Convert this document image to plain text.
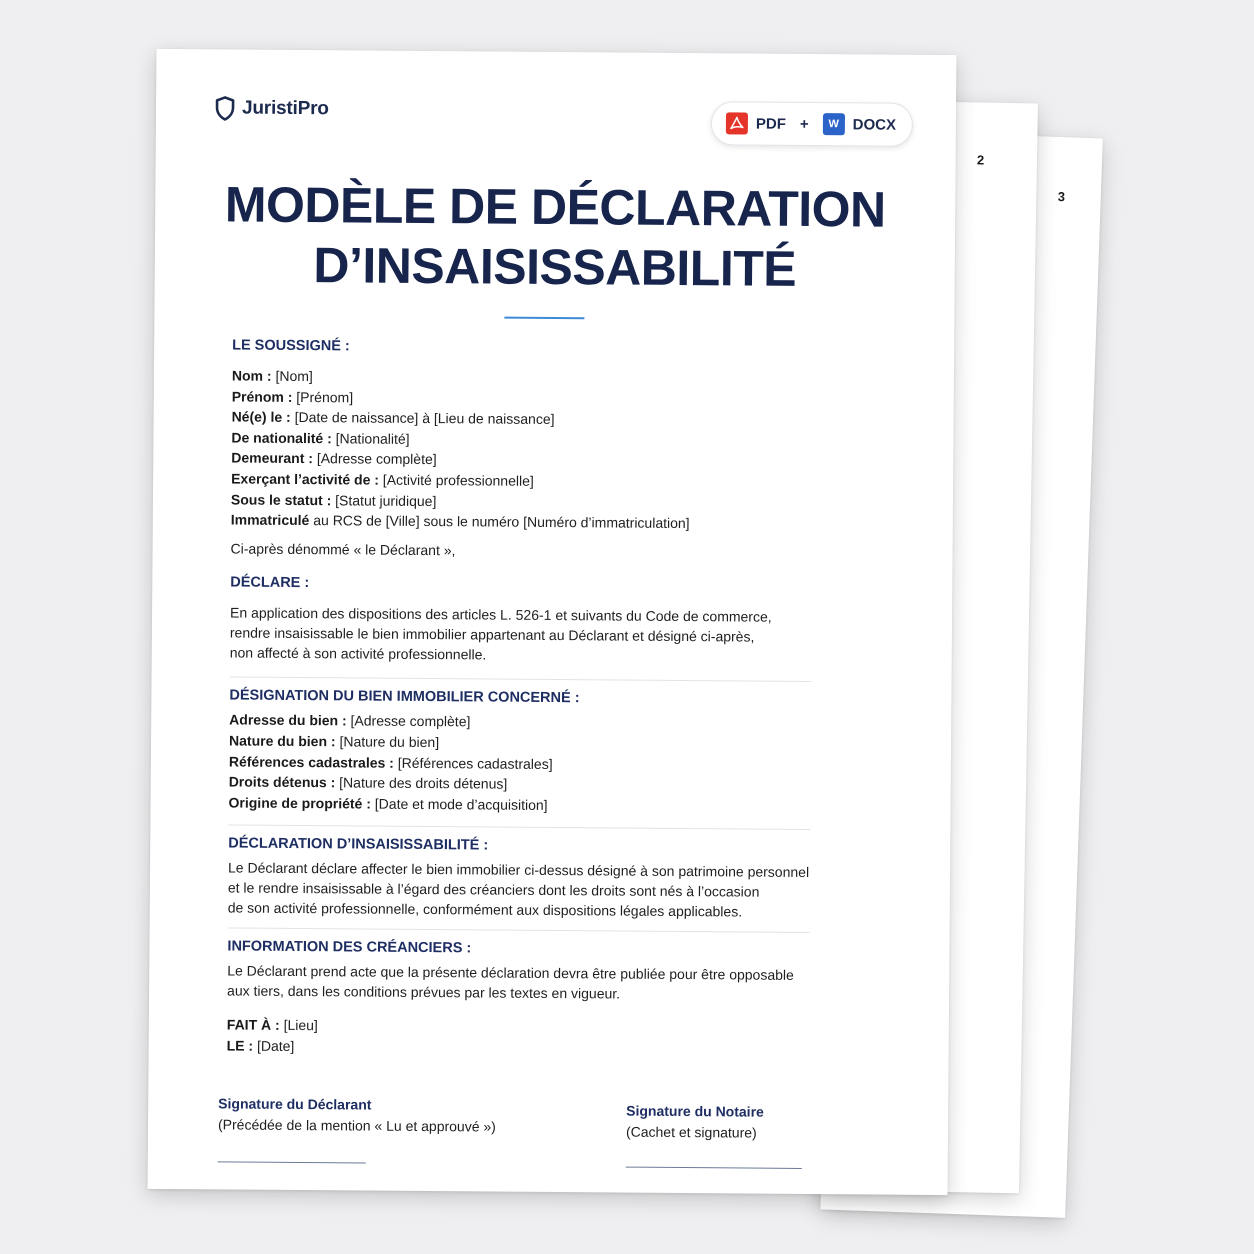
3
2
JuristiPro
PDF +	W DOCX
MODÈLE DE DÉCLARATION
D’INSAISISSABILITÉ
LE SOUSSIGNÉ :
Nom : [Nom]
Prénom : [Prénom]
Né(e) le : [Date de naissance] à [Lieu de naissance]
De nationalité : [Nationalité]
Demeurant : [Adresse complète]
Exerçant l’activité de : [Activité professionnelle]
Sous le statut : [Statut juridique]
Immatriculé au RCS de [Ville] sous le numéro [Numéro d’immatriculation]
Ci-après dénommé « le Déclarant »,
DÉCLARE :
En application des dispositions des articles L. 526-1 et suivants du Code de commerce,
rendre insaisissable le bien immobilier appartenant au Déclarant et désigné ci-après,
non affecté à son activité professionnelle.
DÉSIGNATION DU BIEN IMMOBILIER CONCERNÉ :
Adresse du bien : [Adresse complète]
Nature du bien : [Nature du bien]
Références cadastrales : [Références cadastrales]
Droits détenus : [Nature des droits détenus]
Origine de propriété : [Date et mode d’acquisition]
DÉCLARATION D’INSAISISSABILITÉ :
Le Déclarant déclare affecter le bien immobilier ci-dessus désigné à son patrimoine personnel
et le rendre insaisissable à l’égard des créanciers dont les droits sont nés à l’occasion
de son activité professionnelle, conformément aux dispositions légales applicables.
INFORMATION DES CRÉANCIERS :
Le Déclarant prend acte que la présente déclaration devra être publiée pour être opposable
aux tiers, dans les conditions prévues par les textes en vigueur.
FAIT À : [Lieu]
LE : [Date]
Signature du Déclarant
(Précédée de la mention « Lu et approuvé »)
Signature du Notaire
(Cachet et signature)
